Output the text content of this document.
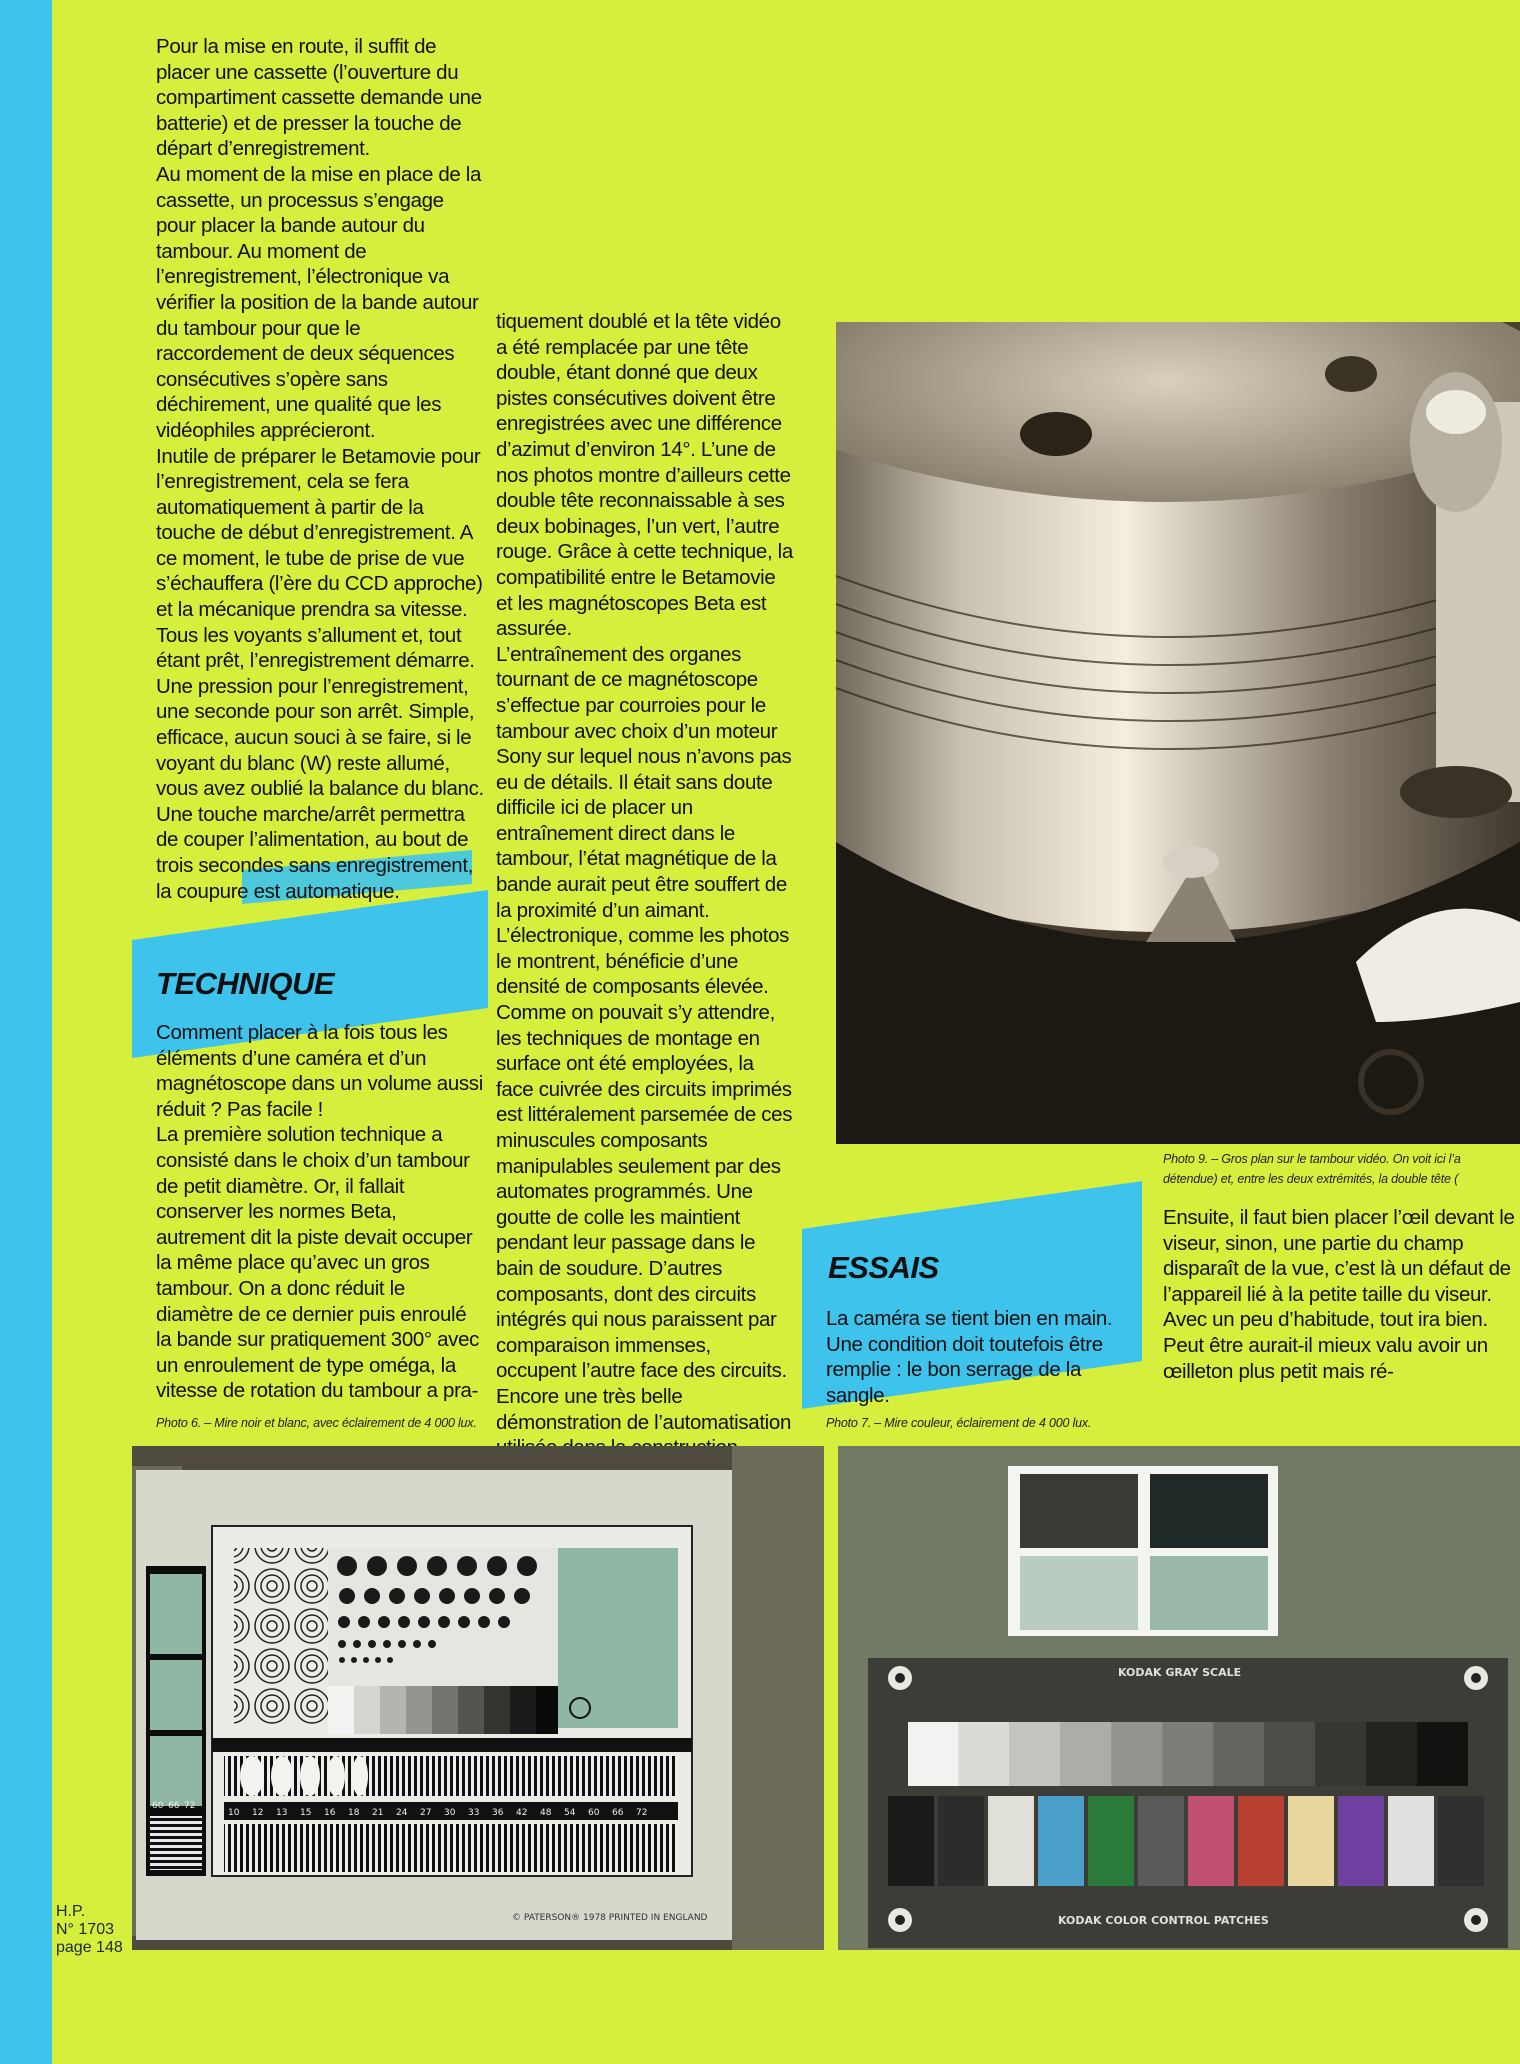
Pour la mise en route, il suffit de placer une cassette (l’ouverture du compartiment cassette demande une batterie) et de presser la touche de départ d’enregistrement.

Au moment de la mise en place de la cassette, un processus s’engage pour placer la bande autour du tambour. Au moment de l’enregistrement, l’électronique va vérifier la position de la bande autour du tambour pour que le raccordement de deux séquences consécutives s’opère sans déchirement, une qualité que les vidéophiles apprécieront.

Inutile de préparer le Betamovie pour l’enregistrement, cela se fera automatiquement à partir de la touche de début d’enregistrement. A ce moment, le tube de prise de vue s’échauffera (l’ère du CCD approche) et la mécanique prendra sa vitesse. Tous les voyants s’allument et, tout étant prêt, l’enregistrement démarre. Une pression pour l’enregistrement, une seconde pour son arrêt. Simple, efficace, aucun souci à se faire, si le voyant du blanc (W) reste allumé, vous avez oublié la balance du blanc.

Une touche marche/arrêt permettra de couper l’alimentation, au bout de trois secondes sans enregistrement, la coupure est automatique.

TECHNIQUE

Comment placer à la fois tous les éléments d’une caméra et d’un magnétoscope dans un volume aussi réduit ? Pas facile !

La première solution technique a consisté dans le choix d’un tambour de petit diamètre. Or, il fallait conserver les normes Beta, autrement dit la piste devait occuper la même place qu’avec un gros tambour. On a donc réduit le diamètre de ce dernier puis enroulé la bande sur pratiquement 300° avec un enroulement de type oméga, la vitesse de rotation du tambour a pra-

tiquement doublé et la tête vidéo a été remplacée par une tête double, étant donné que deux pistes consécutives doivent être enregistrées avec une différence d’azimut d’environ 14°. L’une de nos photos montre d’ailleurs cette double tête reconnaissable à ses deux bobinages, l’un vert, l’autre rouge. Grâce à cette technique, la compatibilité entre le Betamovie et les magnétoscopes Beta est assurée.

L’entraînement des organes tournant de ce magnétoscope s’effectue par courroies pour le tambour avec choix d’un moteur Sony sur lequel nous n’avons pas eu de détails. Il était sans doute difficile ici de placer un entraînement direct dans le tambour, l’état magnétique de la bande aurait peut être souffert de la proximité d’un aimant.

L’électronique, comme les photos le montrent, bénéficie d’une densité de composants élevée. Comme on pouvait s’y attendre, les techniques de montage en surface ont été employées, la face cuivrée des circuits imprimés est littéralement parsemée de ces minuscules composants manipulables seulement par des automates programmés. Une goutte de colle les maintient pendant leur passage dans le bain de soudure. D’autres composants, dont des circuits intégrés qui nous paraissent par comparaison immenses, occupent l’autre face des circuits.

Encore une très belle démonstration de l’automatisation

Photo 9. – Gros plan sur le tambour vidéo. On voit ici l’a
détendue) et, entre les deux extrémités, la double tête (

Ensuite, il faut bien placer l’œil devant le viseur, sinon, une partie du champ disparaît de la vue, c’est là un défaut de l’appareil lié à la petite taille du viseur.

Avec un peu d’habitude, tout ira bien. Peut être aurait-il mieux valu avoir un œilleton plus petit mais ré-

ESSAIS

La caméra se tient bien en main. Une condition doit toutefois être remplie : le bon serrage de la sangle.

Photo 6. – Mire noir et blanc, avec éclairement de 4 000 lux.	Photo 7. – Mire couleur, éclairement de 4 000 lux.
10 12 13 15 16 18 21 24 27 30 33 36 42 48 54 60 66 72
60 66 72
© PATERSON® 1978 PRINTED IN ENGLAND
KODAK GRAY SCALE
KODAK COLOR CONTROL PATCHES
H.P.
N° 1703
page 148
